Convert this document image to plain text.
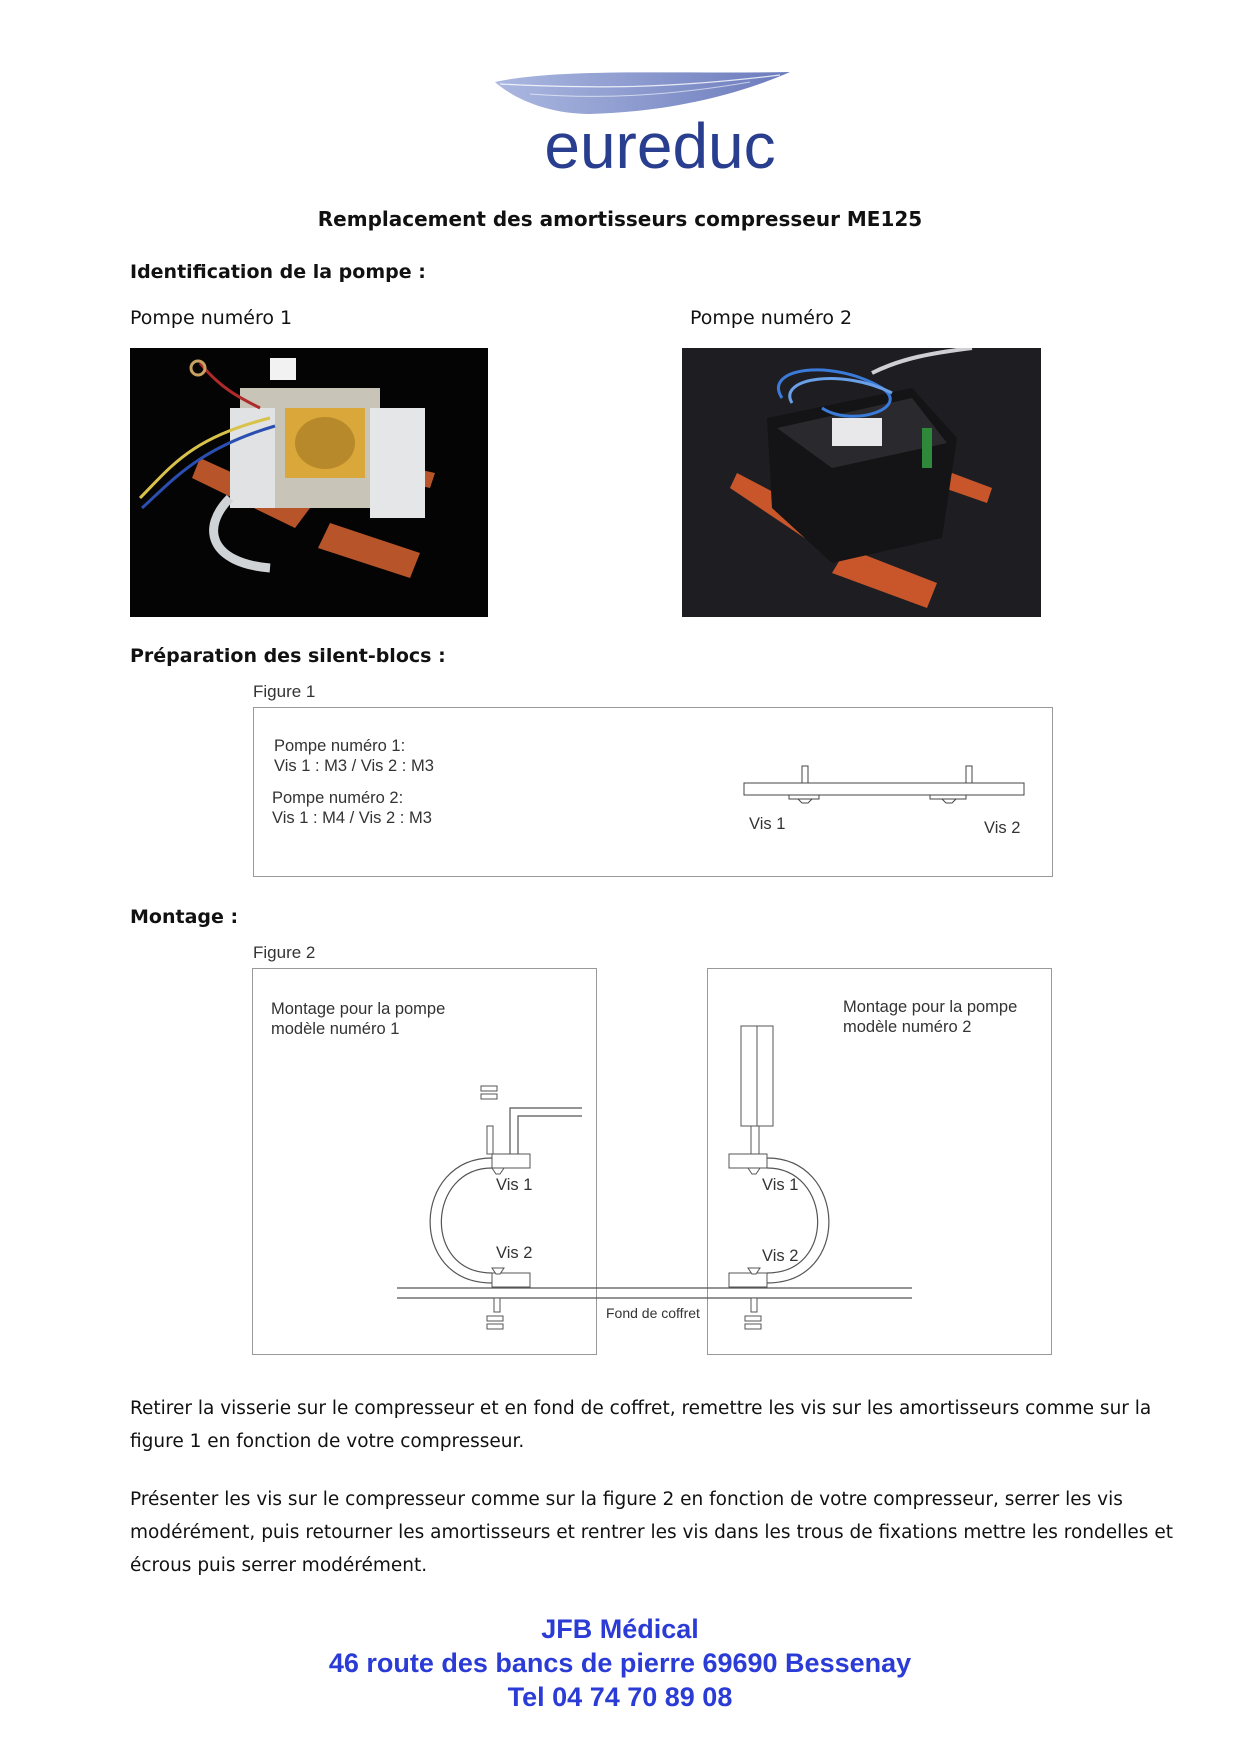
eureduc
Remplacement des amortisseurs compresseur ME125
Identification de la pompe :
Pompe numéro 1	Pompe numéro 2
Préparation des silent-blocs :
Figure 1
Pompe numéro 1:
Vis 1 : M3 / Vis 2 : M3
Pompe numéro 2:
Vis 1 : M4 / Vis 2 : M3	Vis 1	Vis 2
Montage :
Figure 2
Montage pour la pompe
modèle numéro 1
Montage pour la pompe
modèle numéro 2
Vis 1
Vis 2
Vis 1
Vis 2
Fond de coffret
Retirer la visserie sur le compresseur et en fond de coffret, remettre les vis sur les amortisseurs comme sur la figure 1 en fonction de votre compresseur.
Présenter les vis sur le compresseur comme sur la figure 2 en fonction de votre compresseur, serrer les vis modérément, puis retourner les amortisseurs et rentrer les vis dans les trous de fixations mettre les rondelles et écrous puis serrer modérément.
JFB Médical
46 route des bancs de pierre 69690 Bessenay
Tel 04 74 70 89 08
